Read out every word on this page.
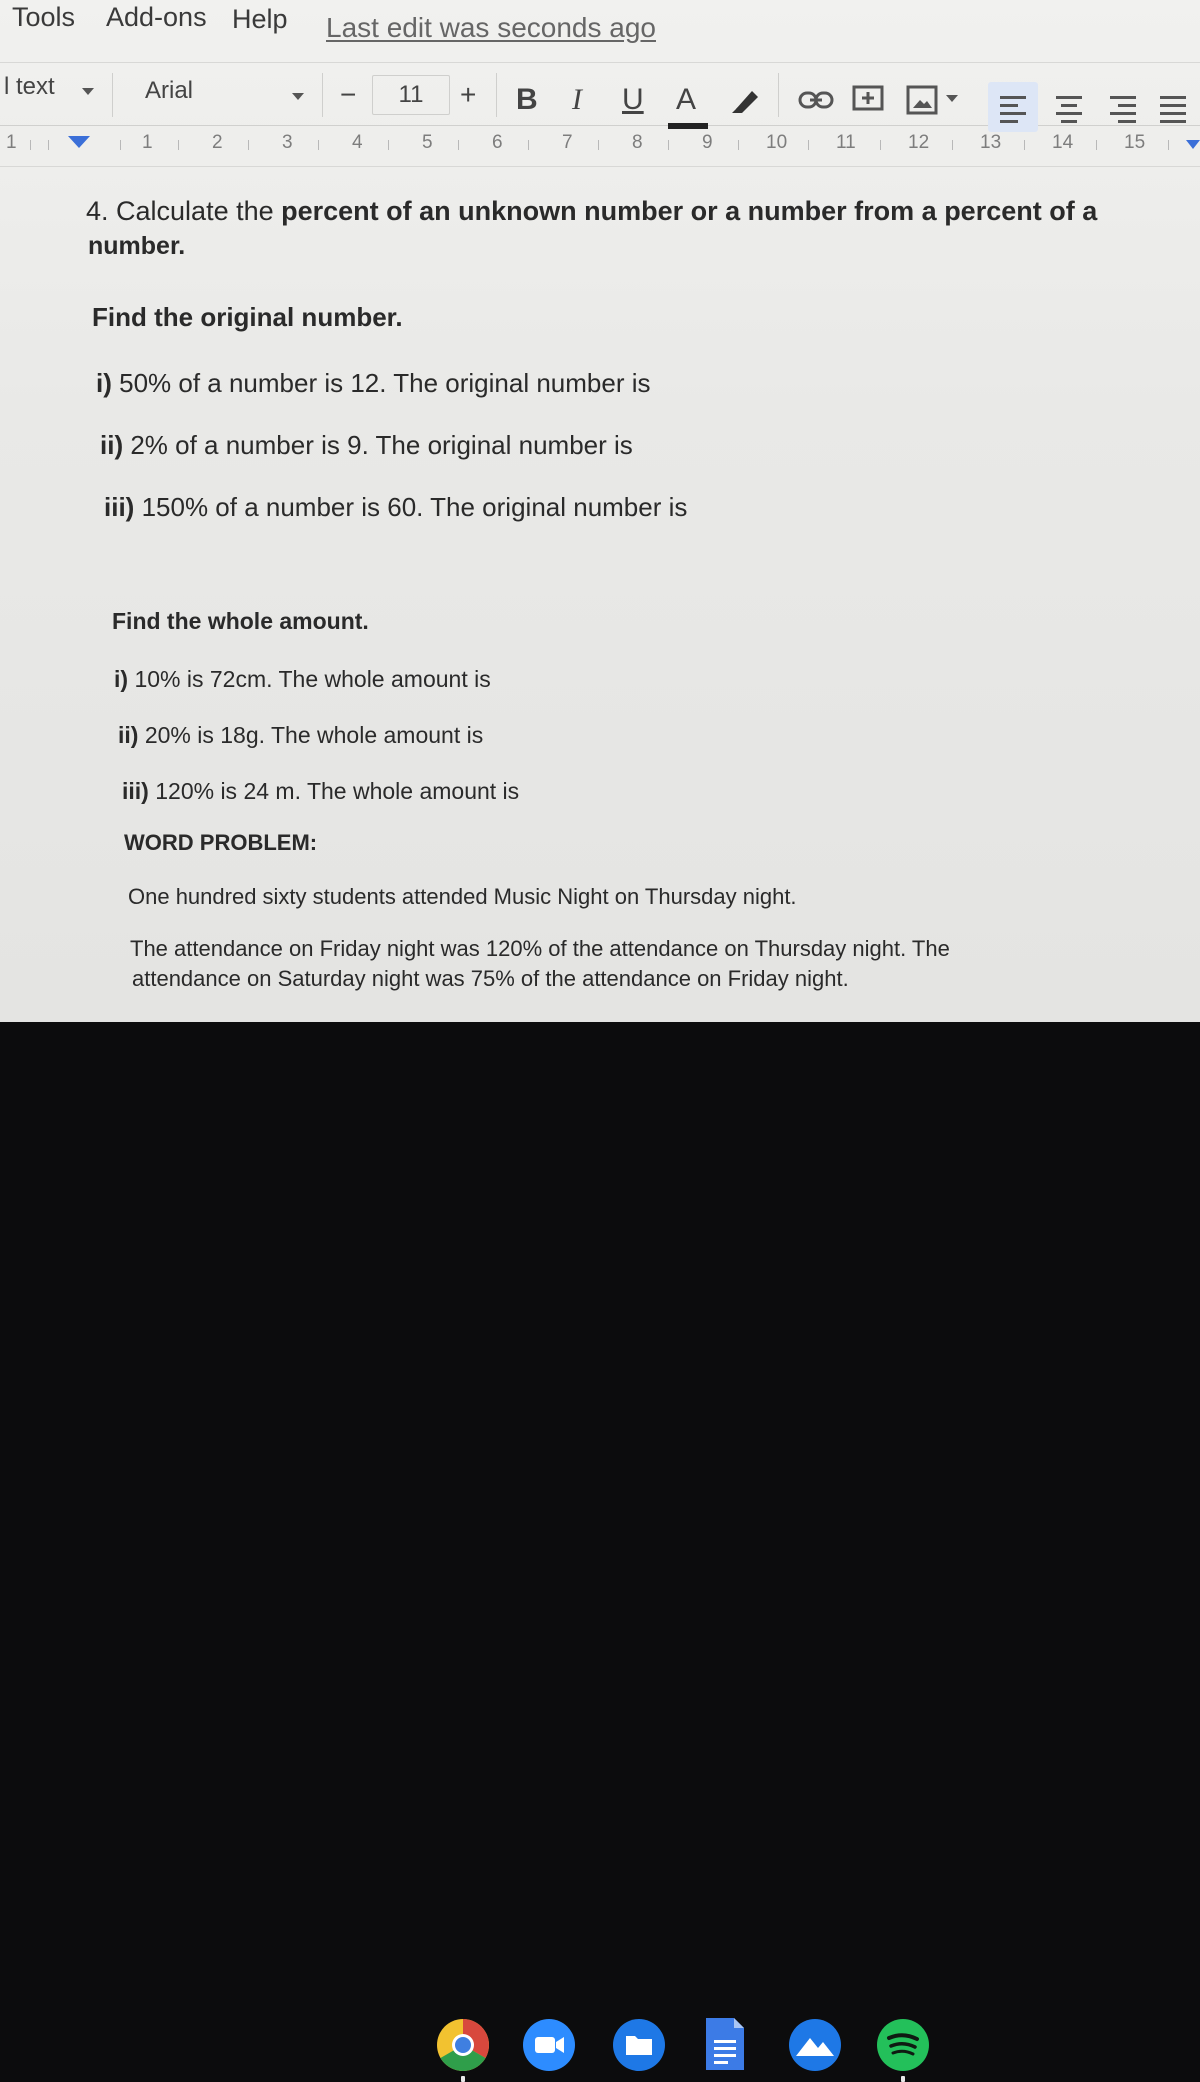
Tools Add-ons Help Last edit was seconds ago
l text	Arial	−	11	+ B I U A
1	1	2	3	4	5	6	7	8	9	10	11	12	13	14	15
4. Calculate the percent of an unknown number or a number from a percent of a
number.
Find the original number.
i) 50% of a number is 12. The original number is
ii) 2% of a number is 9. The original number is
iii) 150% of a number is 60. The original number is
Find the whole amount.
i) 10% is 72cm. The whole amount is
ii) 20% is 18g. The whole amount is
iii) 120% is 24 m. The whole amount is
WORD PROBLEM:
One hundred sixty students attended Music Night on Thursday night.
The attendance on Friday night was 120% of the attendance on Thursday night. The
attendance on Saturday night was 75% of the attendance on Friday night.
